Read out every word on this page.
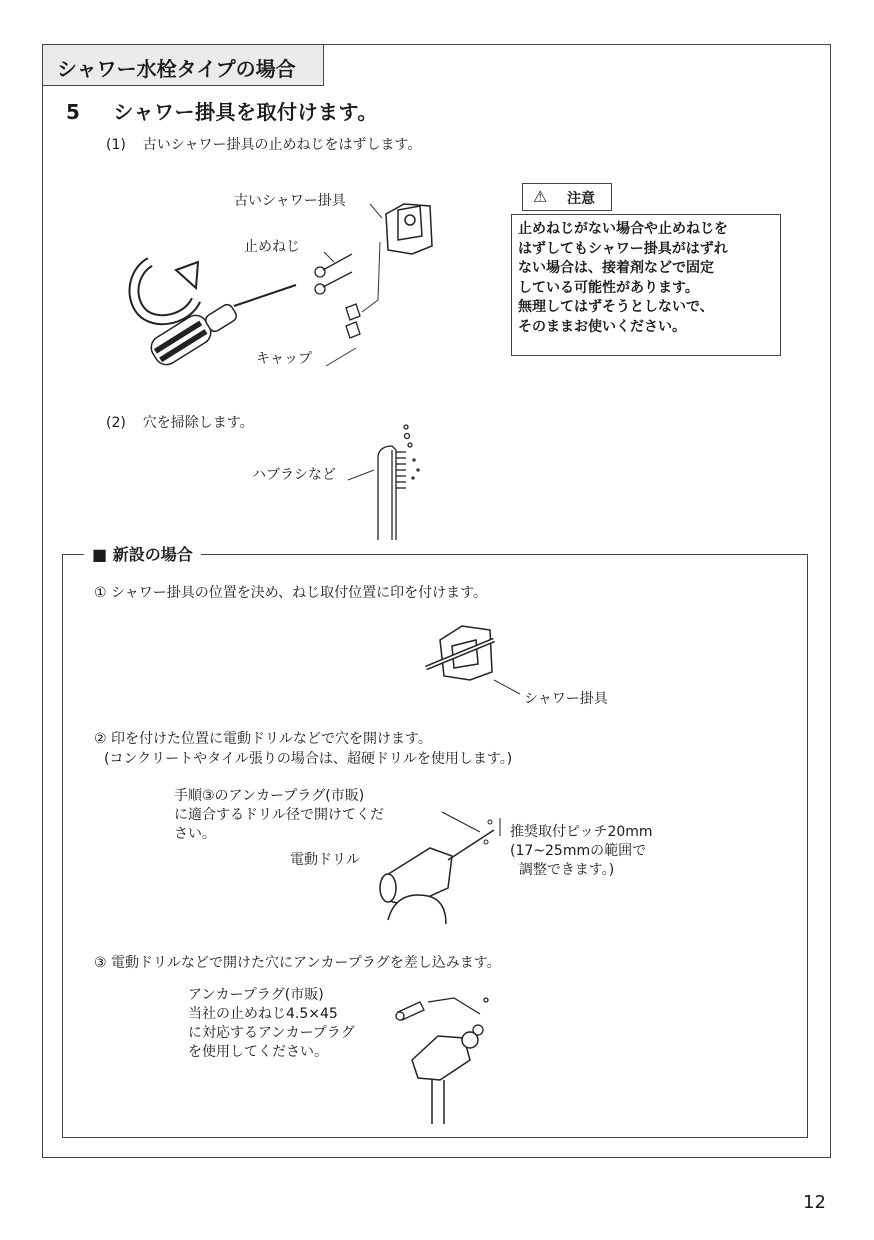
シャワー水栓タイプの場合
5 シャワー掛具を取付けます。
(1) 古いシャワー掛具の止めねじをはずします。
古いシャワー掛具
止めねじ
キャップ
⚠ 注意
止めねじがない場合や止めねじを
はずしてもシャワー掛具がはずれ
ない場合は、接着剤などで固定
している可能性があります。
無理してはずそうとしないで、
そのままお使いください。
(2) 穴を掃除します。
ハブラシなど
■ 新設の場合
① シャワー掛具の位置を決め、ねじ取付位置に印を付けます。
シャワー掛具
② 印を付けた位置に電動ドリルなどで穴を開けます。
(コンクリートやタイル張りの場合は、超硬ドリルを使用します。)
手順③のアンカープラグ(市販)
に適合するドリル径で開けてくだ
さい。
電動ドリル
推奨取付ピッチ20mm
(17~25mmの範囲で
調整できます。)
③ 電動ドリルなどで開けた穴にアンカープラグを差し込みます。
アンカープラグ(市販)
当社の止めねじ4.5×45
に対応するアンカープラグ
を使用してください。
12
